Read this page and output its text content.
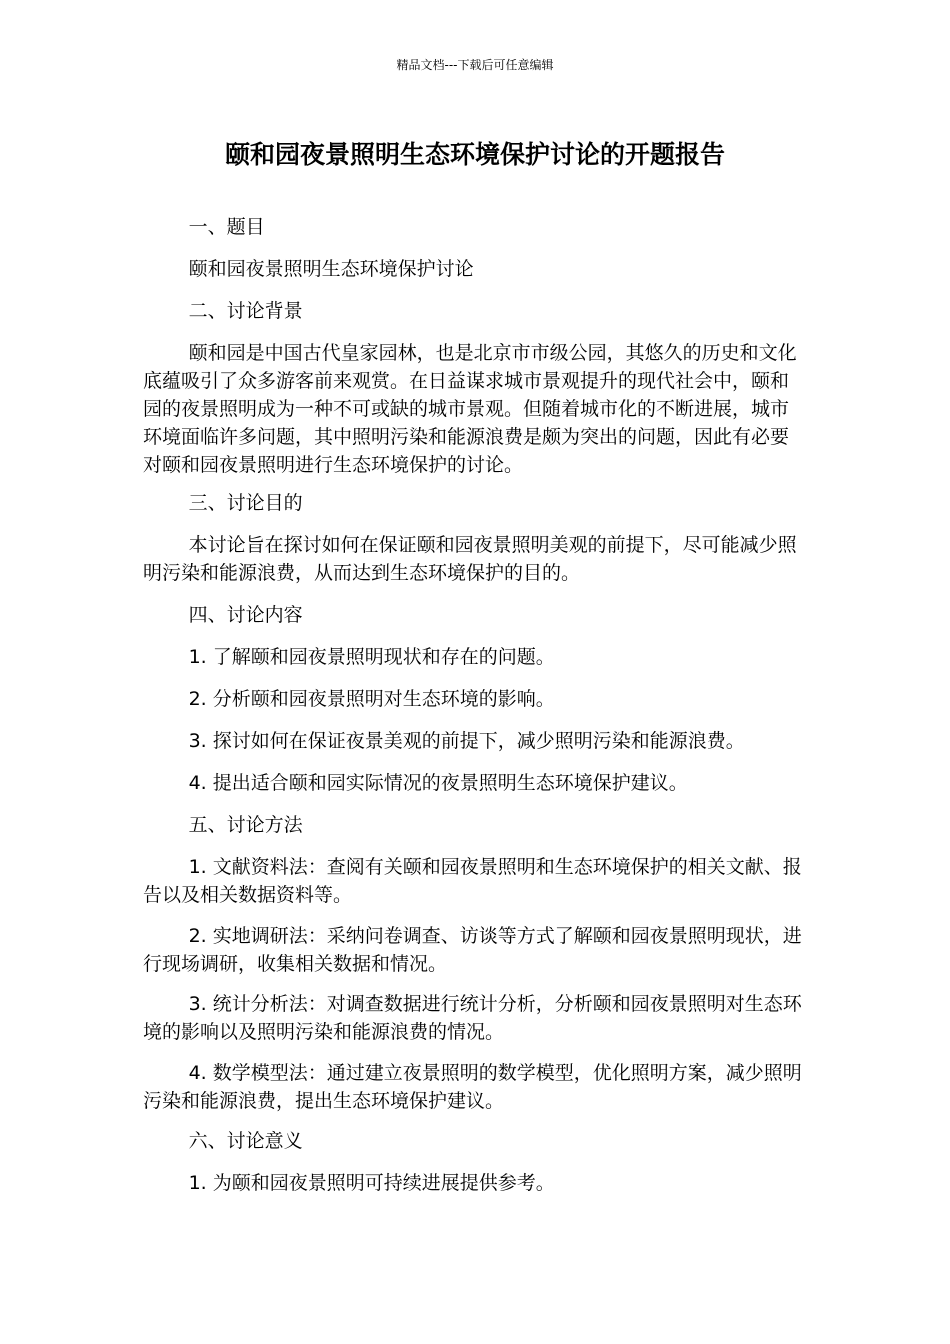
精品文档---下载后可任意编辑
颐和园夜景照明生态环境保护讨论的开题报告

一、题目

颐和园夜景照明生态环境保护讨论

二、讨论背景

颐和园是中国古代皇家园林，也是北京市市级公园，其悠久的历史和文化底蕴吸引了众多游客前来观赏。在日益谋求城市景观提升的现代社会中，颐和园的夜景照明成为一种不可或缺的城市景观。但随着城市化的不断进展，城市环境面临许多问题，其中照明污染和能源浪费是颇为突出的问题，因此有必要对颐和园夜景照明进行生态环境保护的讨论。

三、讨论目的

本讨论旨在探讨如何在保证颐和园夜景照明美观的前提下，尽可能减少照明污染和能源浪费，从而达到生态环境保护的目的。

四、讨论内容

1. 了解颐和园夜景照明现状和存在的问题。

2. 分析颐和园夜景照明对生态环境的影响。

3. 探讨如何在保证夜景美观的前提下，减少照明污染和能源浪费。

4. 提出适合颐和园实际情况的夜景照明生态环境保护建议。

五、讨论方法

1. 文献资料法：查阅有关颐和园夜景照明和生态环境保护的相关文献、报告以及相关数据资料等。

2. 实地调研法：采纳问卷调查、访谈等方式了解颐和园夜景照明现状，进行现场调研，收集相关数据和情况。

3. 统计分析法：对调查数据进行统计分析，分析颐和园夜景照明对生态环境的影响以及照明污染和能源浪费的情况。

4. 数学模型法：通过建立夜景照明的数学模型，优化照明方案，减少照明污染和能源浪费，提出生态环境保护建议。

六、讨论意义

1. 为颐和园夜景照明可持续进展提供参考。
